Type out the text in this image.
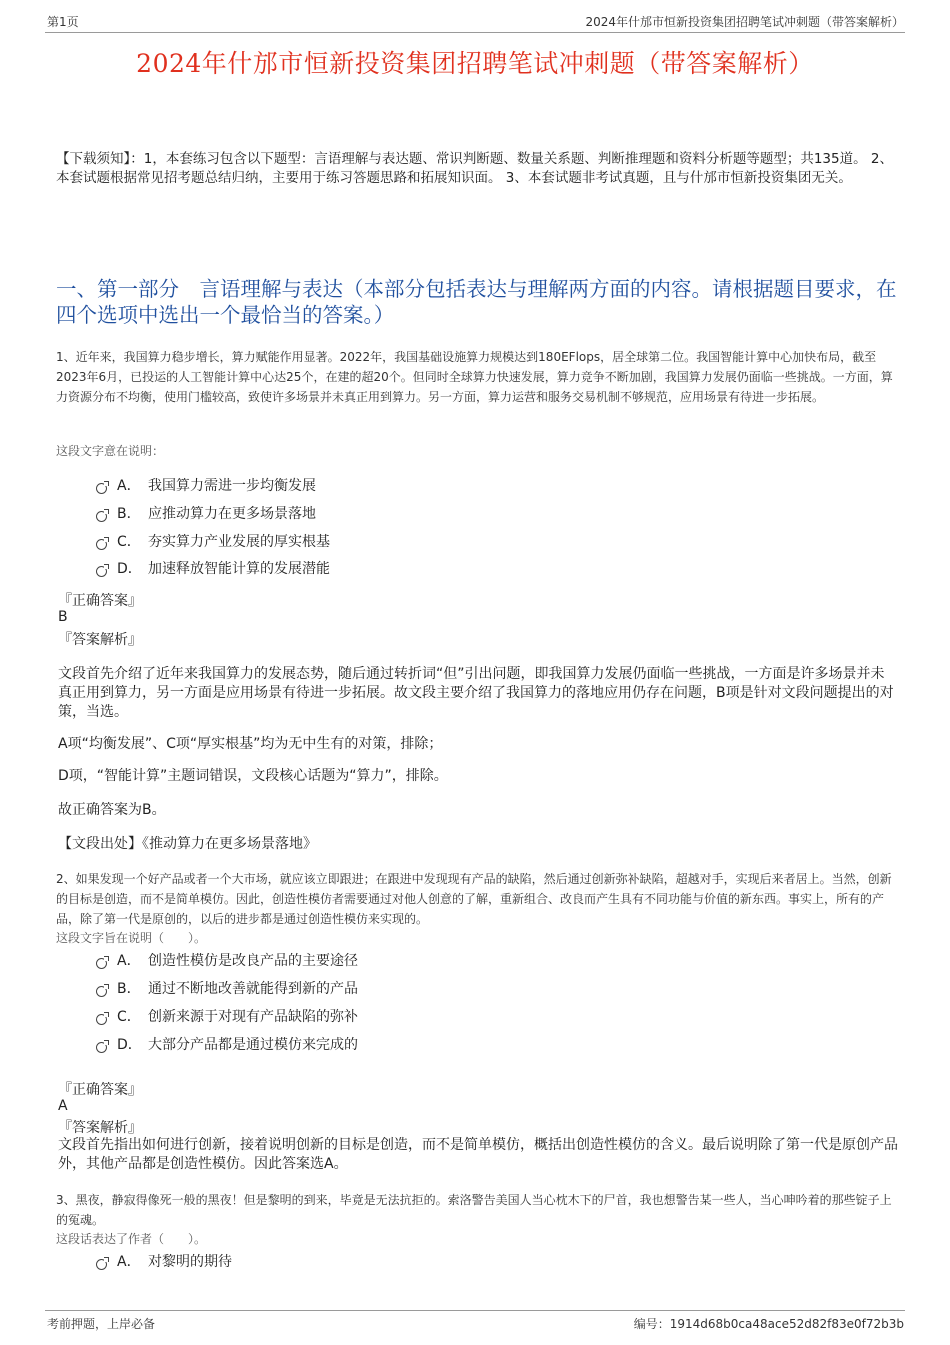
第1页	2024年什邡市恒新投资集团招聘笔试冲刺题（带答案解析）
2024年什邡市恒新投资集团招聘笔试冲刺题（带答案解析）
【下载须知】：1，本套练习包含以下题型：言语理解与表达题、常识判断题、数量关系题、判断推理题和资料分析题等题型；共135道。 2、本套试题根据常见招考题总结归纳，主要用于练习答题思路和拓展知识面。 3、本套试题非考试真题，且与什邡市恒新投资集团无关。
一、第一部分　言语理解与表达（本部分包括表达与理解两方面的内容。请根据题目要求，在四个选项中选出一个最恰当的答案。）
1、近年来，我国算力稳步增长，算力赋能作用显著。2022年，我国基础设施算力规模达到180EFlops，居全球第二位。我国智能计算中心加快布局，截至2023年6月，已投运的人工智能计算中心达25个，在建的超20个。但同时全球算力快速发展，算力竞争不断加剧，我国算力发展仍面临一些挑战。一方面，算力资源分布不均衡，使用门槛较高，致使许多场景并未真正用到算力。另一方面，算力运营和服务交易机制不够规范，应用场景有待进一步拓展。
这段文字意在说明：
A． 我国算力需进一步均衡发展
B． 应推动算力在更多场景落地
C． 夯实算力产业发展的厚实根基
D． 加速释放智能计算的发展潜能
『正确答案』
B
『答案解析』
文段首先介绍了近年来我国算力的发展态势，随后通过转折词“但”引出问题，即我国算力发展仍面临一些挑战，一方面是许多场景并未真正用到算力，另一方面是应用场景有待进一步拓展。故文段主要介绍了我国算力的落地应用仍存在问题，B项是针对文段问题提出的对策，当选。
A项“均衡发展”、C项“厚实根基”均为无中生有的对策，排除；
D项，“智能计算”主题词错误，文段核心话题为“算力”，排除。
故正确答案为B。
【文段出处】《推动算力在更多场景落地》
2、如果发现一个好产品或者一个大市场，就应该立即跟进；在跟进中发现现有产品的缺陷，然后通过创新弥补缺陷，超越对手，实现后来者居上。当然，创新的目标是创造，而不是简单模仿。因此，创造性模仿者需要通过对他人创意的了解，重新组合、改良而产生具有不同功能与价值的新东西。事实上，所有的产品，除了第一代是原创的，以后的进步都是通过创造性模仿来实现的。
这段文字旨在说明（　　）。
A． 创造性模仿是改良产品的主要途径
B． 通过不断地改善就能得到新的产品
C． 创新来源于对现有产品缺陷的弥补
D． 大部分产品都是通过模仿来完成的
『正确答案』
A
『答案解析』
文段首先指出如何进行创新，接着说明创新的目标是创造，而不是简单模仿，概括出创造性模仿的含义。最后说明除了第一代是原创产品外，其他产品都是创造性模仿。因此答案选A。
3、黑夜，静寂得像死一般的黑夜！但是黎明的到来，毕竟是无法抗拒的。索洛警告美国人当心枕木下的尸首，我也想警告某一些人，当心呻吟着的那些锭子上的冤魂。
这段话表达了作者（　　）。
A． 对黎明的期待
考前押题，上岸必备	编号：1914d68b0ca48ace52d82f83e0f72b3b
